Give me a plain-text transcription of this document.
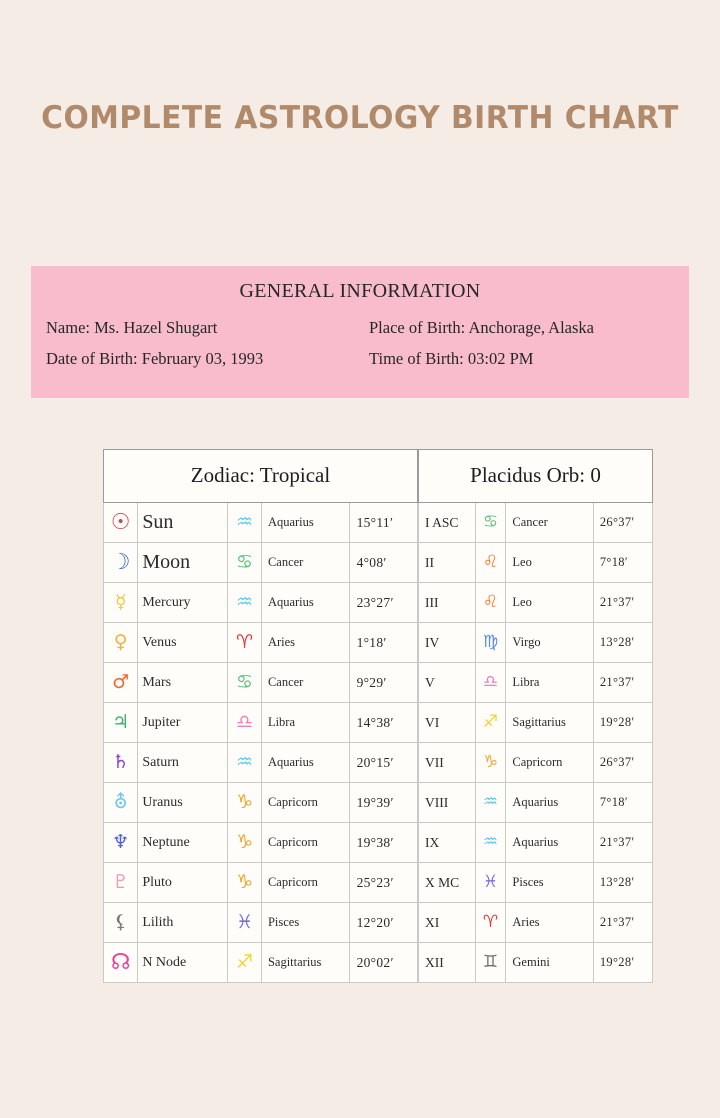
COMPLETE ASTROLOGY BIRTH CHART
GENERAL INFORMATION
Name: Ms. Hazel Shugart	Place of Birth: Anchorage, Alaska
Date of Birth: February 03, 1993	Time of Birth: 03:02 PM
Zodiac: Tropical				
☉	Sun	♒	Aquarius	15°11′
☽	Moon	♋	Cancer	4°08′
☿	Mercury	♒	Aquarius	23°27′
♀	Venus	♈	Aries	1°18′
♂	Mars	♋	Cancer	9°29′
♃	Jupiter	♎	Libra	14°38′
♄	Saturn	♒	Aquarius	20°15′
⛢	Uranus	♑	Capricorn	19°39′
♆	Neptune	♑	Capricorn	19°38′
♇	Pluto	♑	Capricorn	25°23′
⚸	Lilith	♓	Pisces	12°20′
☊	N Node	♐	Sagittarius	20°02′
Placidus Orb: 0			
I ASC	♋	Cancer	26°37′
II	♌	Leo	7°18′
III	♌	Leo	21°37′
IV	♍	Virgo	13°28′
V	♎	Libra	21°37′
VI	♐	Sagittarius	19°28′
VII	♑	Capricorn	26°37′
VIII	♒	Aquarius	7°18′
IX	♒	Aquarius	21°37′
X MC	♓	Pisces	13°28′
XI	♈	Aries	21°37′
XII	♊	Gemini	19°28′
